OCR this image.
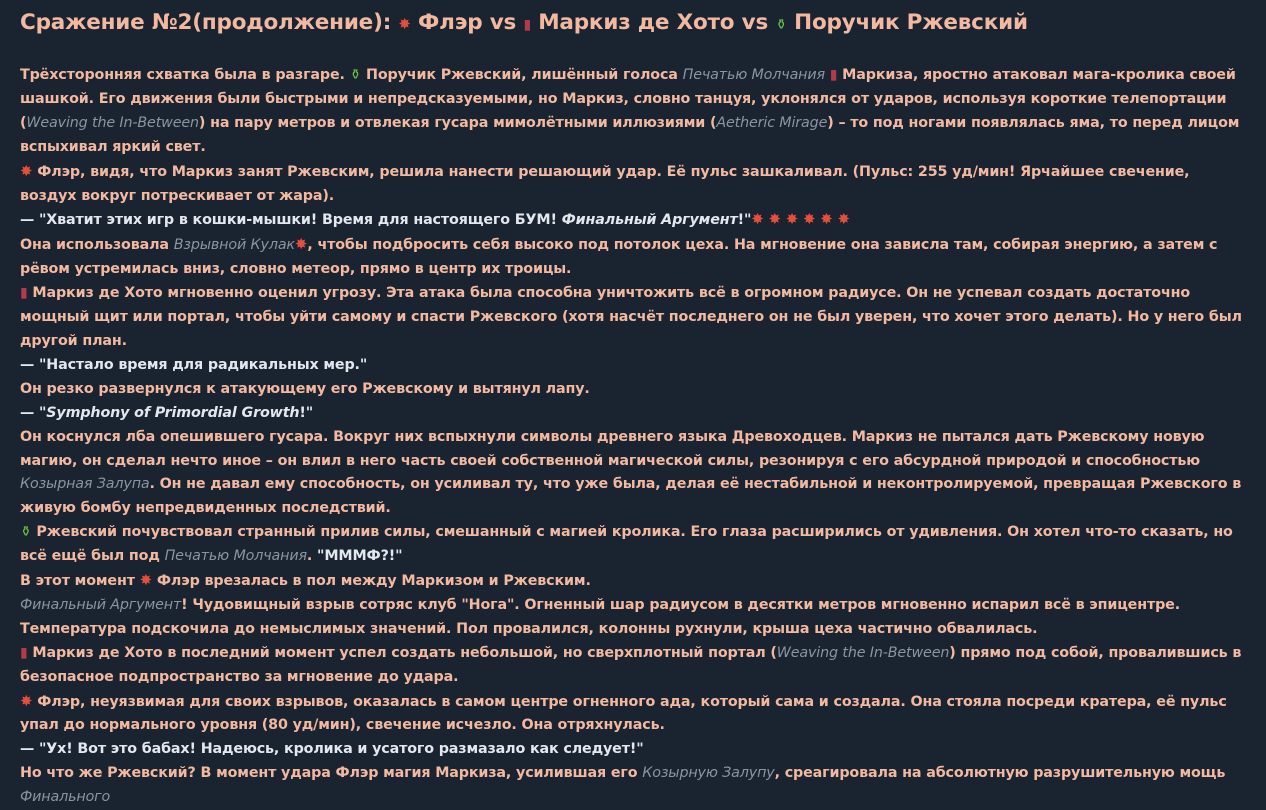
Сражение №2(продолжение): ✸ Флэр vs ▮ Маркиз де Хото vs ⚱ Поручик Ржевский

Трёхсторонняя схватка была в разгаре. ⚱ Поручик Ржевский, лишённый голоса Печатью Молчания ▮ Маркиза, яростно атаковал мага-кролика своей шашкой. Его движения были быстрыми и непредсказуемыми, но Маркиз, словно танцуя, уклонялся от ударов, используя короткие телепортации (Weaving the In-Between) на пару метров и отвлекая гусара мимолётными иллюзиями (Aetheric Mirage) – то под ногами появлялась яма, то перед лицом вспыхивал яркий свет.

✸ Флэр, видя, что Маркиз занят Ржевским, решила нанести решающий удар. Её пульс зашкаливал. (Пульс: 255 уд/мин! Ярчайшее свечение, воздух вокруг потрескивает от жара).

— "Хватит этих игр в кошки-мышки! Время для настоящего БУМ! Финальный Аргумент!"✸ ✸ ✸ ✸ ✸ ✸

Она использовала Взрывной Кулак✸, чтобы подбросить себя высоко под потолок цеха. На мгновение она зависла там, собирая энергию, а затем с рёвом устремилась вниз, словно метеор, прямо в центр их троицы.

▮ Маркиз де Хото мгновенно оценил угрозу. Эта атака была способна уничтожить всё в огромном радиусе. Он не успевал создать достаточно мощный щит или портал, чтобы уйти самому и спасти Ржевского (хотя насчёт последнего он не был уверен, что хочет этого делать). Но у него был другой план.

— "Настало время для радикальных мер."

Он резко развернулся к атакующему его Ржевскому и вытянул лапу.

— "Symphony of Primordial Growth!"

Он коснулся лба опешившего гусара. Вокруг них вспыхнули символы древнего языка Древоходцев. Маркиз не пытался дать Ржевскому новую магию, он сделал нечто иное – он влил в него часть своей собственной магической силы, резонируя с его абсурдной природой и способностью Козырная Залупа. Он не давал ему способность, он усиливал ту, что уже была, делая её нестабильной и неконтролируемой, превращая Ржевского в живую бомбу непредвиденных последствий.

⚱ Ржевский почувствовал странный прилив силы, смешанный с магией кролика. Его глаза расширились от удивления. Он хотел что-то сказать, но всё ещё был под Печатью Молчания. "МММФ?!"

В этот момент ✸ Флэр врезалась в пол между Маркизом и Ржевским.

Финальный Аргумент! Чудовищный взрыв сотряс клуб "Нога". Огненный шар радиусом в десятки метров мгновенно испарил всё в эпицентре. Температура подскочила до немыслимых значений. Пол провалился, колонны рухнули, крыша цеха частично обвалилась.

▮ Маркиз де Хото в последний момент успел создать небольшой, но сверхплотный портал (Weaving the In-Between) прямо под собой, провалившись в безопасное подпространство за мгновение до удара.

✸ Флэр, неуязвимая для своих взрывов, оказалась в самом центре огненного ада, который сама и создала. Она стояла посреди кратера, её пульс упал до нормального уровня (80 уд/мин), свечение исчезло. Она отряхнулась.

— "Ух! Вот это бабах! Надеюсь, кролика и усатого размазало как следует!"

Но что же Ржевский? В момент удара Флэр магия Маркиза, усилившая его Козырную Залупу, среагировала на абсолютную разрушительную мощь Финального
